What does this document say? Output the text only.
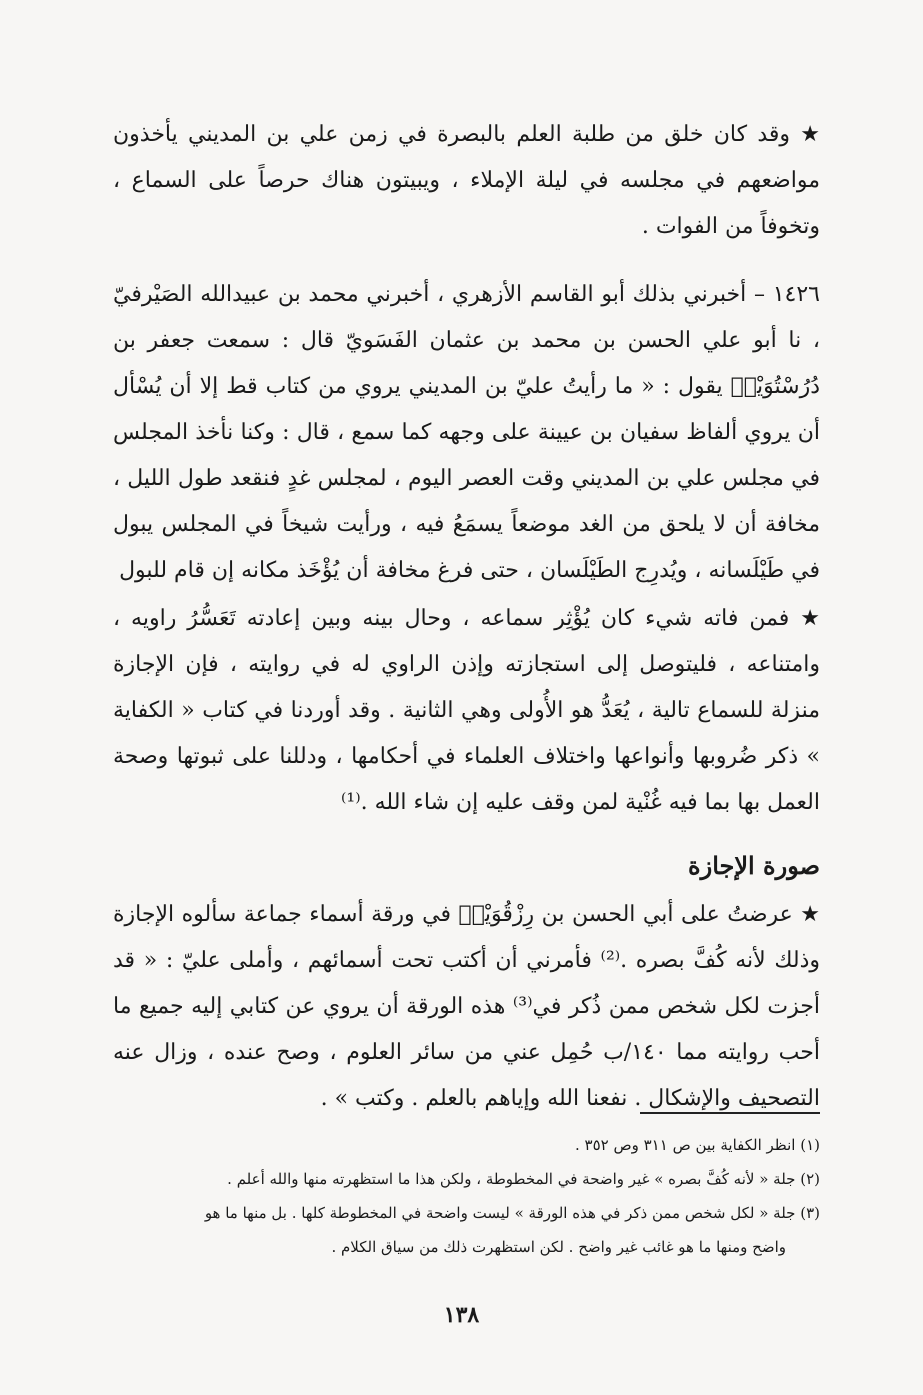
★ وقد كان خلق من طلبة العلم بالبصرة في زمن علي بن المديني يأخذون مواضعهم في مجلسه في ليلة الإملاء ، ويبيتون هناك حرصاً على السماع ، وتخوفاً من الفوات .

١٤٢٦ – أخبرني بذلك أبو القاسم الأزهري ، أخبرني محمد بن عبيدالله الصَيْرفيّ ، نا أبو علي الحسن بن محمد بن عثمان الفَسَويّ قال : سمعت جعفر بن دُرُسْتُوَيْهٖ يقول : « ما رأيتُ عليّ بن المديني يروي من كتاب قط إلا أن يُسْأل أن يروي ألفاظ سفيان بن عيينة على وجهه كما سمع ، قال : وكنا نأخذ المجلس في مجلس علي بن المديني وقت العصر اليوم ، لمجلس غدٍ فنقعد طول الليل ، مخافة أن لا يلحق من الغد موضعاً يسمَعُ فيه ، ورأيت شيخاً في المجلس يبول في طَيْلَسانه ، ويُدرِج الطَيْلَسان ، حتى فرغ مخافة أن يُؤْخَذ مكانه إن قام للبول

★ فمن فاته شيء كان يُؤْثِر سماعه ، وحال بينه وبين إعادته تَعَسُّرُ راويه ، وامتناعه ، فليتوصل إلى استجازته وإذن الراوي له في روايته ، فإن الإجازة منزلة للسماع تالية ، يُعَدُّ هو الأُولى وهي الثانية . وقد أوردنا في كتاب « الكفاية » ذكر ضُروبها وأنواعها واختلاف العلماء في أحكامها ، ودللنا على ثبوتها وصحة العمل بها بما فيه غُنْية لمن وقف عليه إن شاء الله .⁽¹⁾

صورة الإجازة

★ عرضتُ على أبي الحسن بن رِزْقُوَيْهٖ في ورقة أسماء جماعة سألوه الإجازة وذلك لأنه كُفَّ بصره .⁽²⁾ فأمرني أن أكتب تحت أسمائهم ، وأملى عليّ : « قد أجزت لكل شخص ممن ذُكر في⁽³⁾ هذه الورقة أن يروي عن كتابي إليه جميع ما أحب روايته مما ١٤٠/ب حُمِل عني من سائر العلوم ، وصح عنده ، وزال عنه التصحيف والإشكال . نفعنا الله وإياهم بالعلم . وكتب » .

(١) انظر الكفاية بين ص ٣١١ وص ٣٥٢ .

(٢) جلة « لأنه كُفَّ بصره » غير واضحة في المخطوطة ، ولكن هذا ما استظهرته منها والله أعلم .

(٣) جلة « لكل شخص ممن ذكر في هذه الورقة » ليست واضحة في المخطوطة كلها . بل منها ما هو

واضح ومنها ما هو غائب غير واضح . لكن استظهرت ذلك من سياق الكلام .

١٣٨
